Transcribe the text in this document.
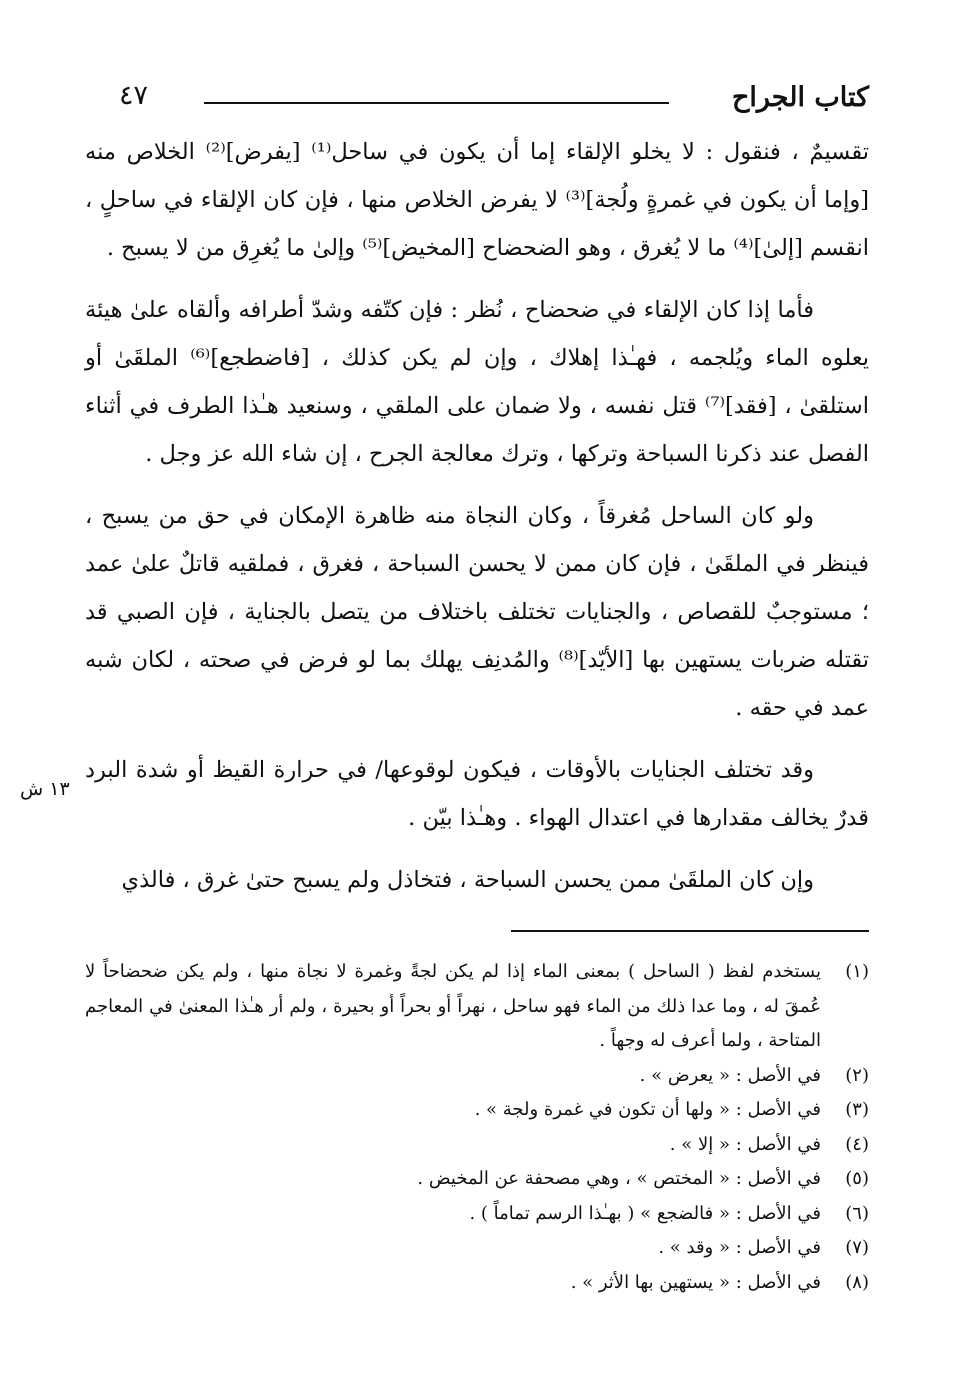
كتاب الجراح
٤٧

تقسيمٌ ، فنقول : لا يخلو الإلقاء إما أن يكون في ساحل⁽¹⁾ [يفرض]⁽²⁾ الخلاص منه [وإما أن يكون في غمرةٍ ولُجة]⁽³⁾ لا يفرض الخلاص منها ، فإن كان الإلقاء في ساحلٍ ، انقسم [إلىٰ]⁽⁴⁾ ما لا يُغرق ، وهو الضحضاح [المخيض]⁽⁵⁾ وإلىٰ ما يُغرِق من لا يسبح .

فأما إذا كان الإلقاء في ضحضاح ، نُظر : فإن كتّفه وشدّ أطرافه وألقاه علىٰ هيئة يعلوه الماء ويُلجمه ، فهـٰذا إهلاك ، وإن لم يكن كذلك ، [فاضطجع]⁽⁶⁾ الملقَىٰ أو استلقىٰ ، [فقد]⁽⁷⁾ قتل نفسه ، ولا ضمان على الملقي ، وسنعيد هـٰذا الطرف في أثناء الفصل عند ذكرنا السباحة وتركها ، وترك معالجة الجرح ، إن شاء الله عز وجل .

ولو كان الساحل مُغرقاً ، وكان النجاة منه ظاهرة الإمكان في حق من يسبح ، فينظر في الملقَىٰ ، فإن كان ممن لا يحسن السباحة ، فغرق ، فملقيه قاتلٌ علىٰ عمد ؛ مستوجبٌ للقصاص ، والجنايات تختلف باختلاف من يتصل بالجناية ، فإن الصبي قد تقتله ضربات يستهين بها [الأيّد]⁽⁸⁾ والمُدنِف يهلك بما لو فرض في صحته ، لكان شبه عمد في حقه .

وقد تختلف الجنايات بالأوقات ، فيكون لوقوعها/ في حرارة القيظ أو شدة البرد قدرٌ يخالف مقدارها في اعتدال الهواء . وهـٰذا بيّن .

وإن كان الملقَىٰ ممن يحسن السباحة ، فتخاذل ولم يسبح حتىٰ غرق ، فالذي

١٣ ش
(١)
يستخدم لفظ ( الساحل ) بمعنى الماء إذا لم يكن لجةً وغمرة لا نجاة منها ، ولم يكن ضحضاحاً لا عُمقَ له ، وما عدا ذلك من الماء فهو ساحل ، نهراً أو بحراً أو بحيرة ، ولم أر هـٰذا المعنىٰ في المعاجم المتاحة ، ولما أعرف له وجهاً .
(٢)
في الأصل : « يعرض » .
(٣)
في الأصل : « ولها أن تكون في غمرة ولجة » .
(٤)
في الأصل : « إلا » .
(٥)
في الأصل : « المختص » ، وهي مصحفة عن المخيض .
(٦)
في الأصل : « فالضجع » ( بهـٰذا الرسم تماماً ) .
(٧)
في الأصل : « وقد » .
(٨)
في الأصل : « يستهين بها الأثر » .
